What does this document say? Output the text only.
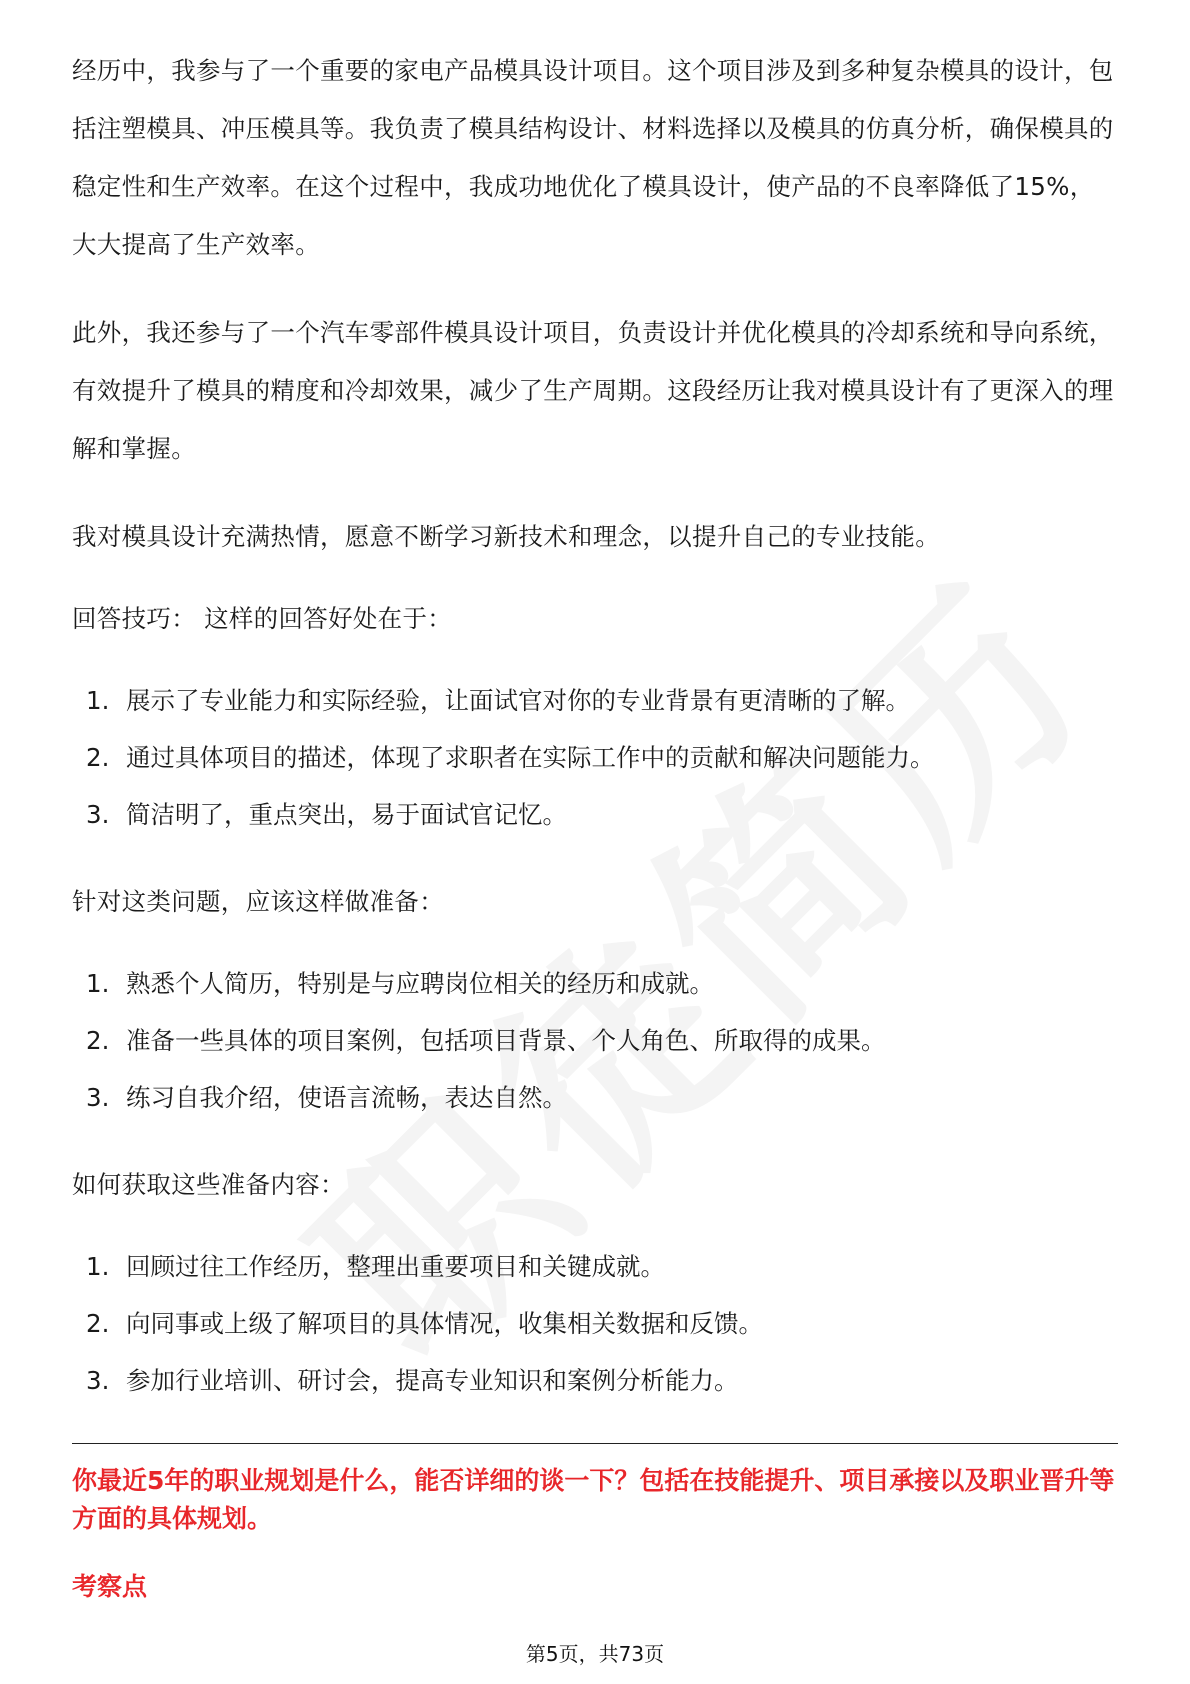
经历中，我参与了一个重要的家电产品模具设计项目。这个项目涉及到多种复杂模具的设计，包括注塑模具、冲压模具等。我负责了模具结构设计、材料选择以及模具的仿真分析，确保模具的稳定性和生产效率。在这个过程中，我成功地优化了模具设计，使产品的不良率降低了15%，大大提高了生产效率。

此外，我还参与了一个汽车零部件模具设计项目，负责设计并优化模具的冷却系统和导向系统，有效提升了模具的精度和冷却效果，减少了生产周期。这段经历让我对模具设计有了更深入的理解和掌握。

我对模具设计充满热情，愿意不断学习新技术和理念，以提升自己的专业技能。

回答技巧： 这样的回答好处在于：

1. 展示了专业能力和实际经验，让面试官对你的专业背景有更清晰的了解。
2. 通过具体项目的描述，体现了求职者在实际工作中的贡献和解决问题能力。
3. 简洁明了，重点突出，易于面试官记忆。

针对这类问题，应该这样做准备：

1. 熟悉个人简历，特别是与应聘岗位相关的经历和成就。
2. 准备一些具体的项目案例，包括项目背景、个人角色、所取得的成果。
3. 练习自我介绍，使语言流畅，表达自然。

如何获取这些准备内容：

1. 回顾过往工作经历，整理出重要项目和关键成就。
2. 向同事或上级了解项目的具体情况，收集相关数据和反馈。
3. 参加行业培训、研讨会，提高专业知识和案例分析能力。

你最近5年的职业规划是什么，能否详细的谈一下？包括在技能提升、项目承接以及职业晋升等方面的具体规划。

考察点

第5页，共73页
